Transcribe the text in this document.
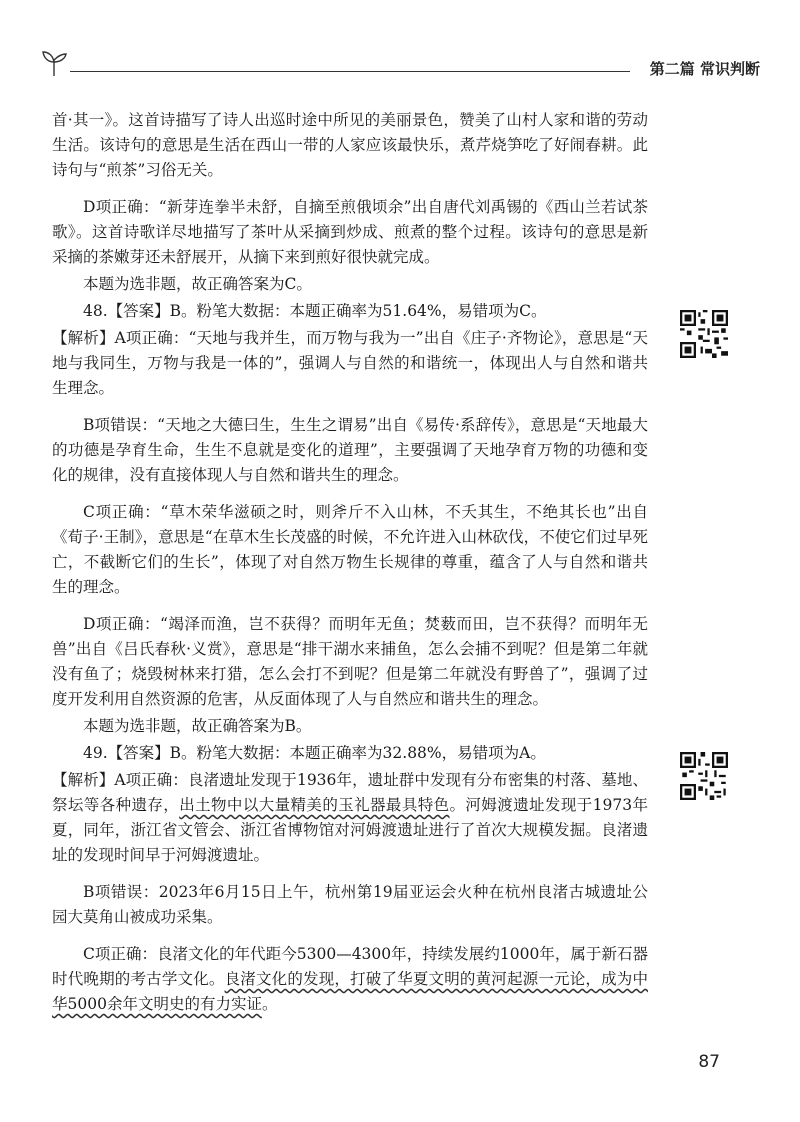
第二篇 常识判断

首·其一》。这首诗描写了诗人出巡时途中所见的美丽景色，赞美了山村人家和谐的劳动生活。该诗句的意思是生活在西山一带的人家应该最快乐，煮芹烧笋吃了好闹春耕。此诗句与“煎茶”习俗无关。

D项正确：“新芽连拳半未舒，自摘至煎俄顷余”出自唐代刘禹锡的《西山兰若试茶歌》。这首诗歌详尽地描写了茶叶从采摘到炒成、煎煮的整个过程。该诗句的意思是新采摘的茶嫩芽还未舒展开，从摘下来到煎好很快就完成。

本题为选非题，故正确答案为C。

48.【答案】B。粉笔大数据：本题正确率为51.64%，易错项为C。

【解析】A项正确：“天地与我并生，而万物与我为一”出自《庄子·齐物论》，意思是“天地与我同生，万物与我是一体的”，强调人与自然的和谐统一，体现出人与自然和谐共生理念。

B项错误：“天地之大德曰生，生生之谓易”出自《易传·系辞传》，意思是“天地最大的功德是孕育生命，生生不息就是变化的道理”，主要强调了天地孕育万物的功德和变化的规律，没有直接体现人与自然和谐共生的理念。

C项正确：“草木荣华滋硕之时，则斧斤不入山林，不夭其生，不绝其长也”出自《荀子·王制》，意思是“在草木生长茂盛的时候，不允许进入山林砍伐，不使它们过早死亡，不截断它们的生长”，体现了对自然万物生长规律的尊重，蕴含了人与自然和谐共生的理念。

D项正确：“竭泽而渔，岂不获得？而明年无鱼；焚薮而田，岂不获得？而明年无兽”出自《吕氏春秋·义赏》，意思是“排干湖水来捕鱼，怎么会捕不到呢？但是第二年就没有鱼了；烧毁树林来打猎，怎么会打不到呢？但是第二年就没有野兽了”，强调了过度开发利用自然资源的危害，从反面体现了人与自然应和谐共生的理念。

本题为选非题，故正确答案为B。

49.【答案】B。粉笔大数据：本题正确率为32.88%，易错项为A。

【解析】A项正确：良渚遗址发现于1936年，遗址群中发现有分布密集的村落、墓地、祭坛等各种遗存，出土物中以大量精美的玉礼器最具特色。河姆渡遗址发现于1973年夏，同年，浙江省文管会、浙江省博物馆对河姆渡遗址进行了首次大规模发掘。良渚遗址的发现时间早于河姆渡遗址。

B项错误：2023年6月15日上午，杭州第19届亚运会火种在杭州良渚古城遗址公园大莫角山被成功采集。

C项正确：良渚文化的年代距今5300—4300年，持续发展约1000年，属于新石器时代晚期的考古学文化。良渚文化的发现，打破了华夏文明的黄河起源一元论，成为中华5000余年文明史的有力实证。

87
